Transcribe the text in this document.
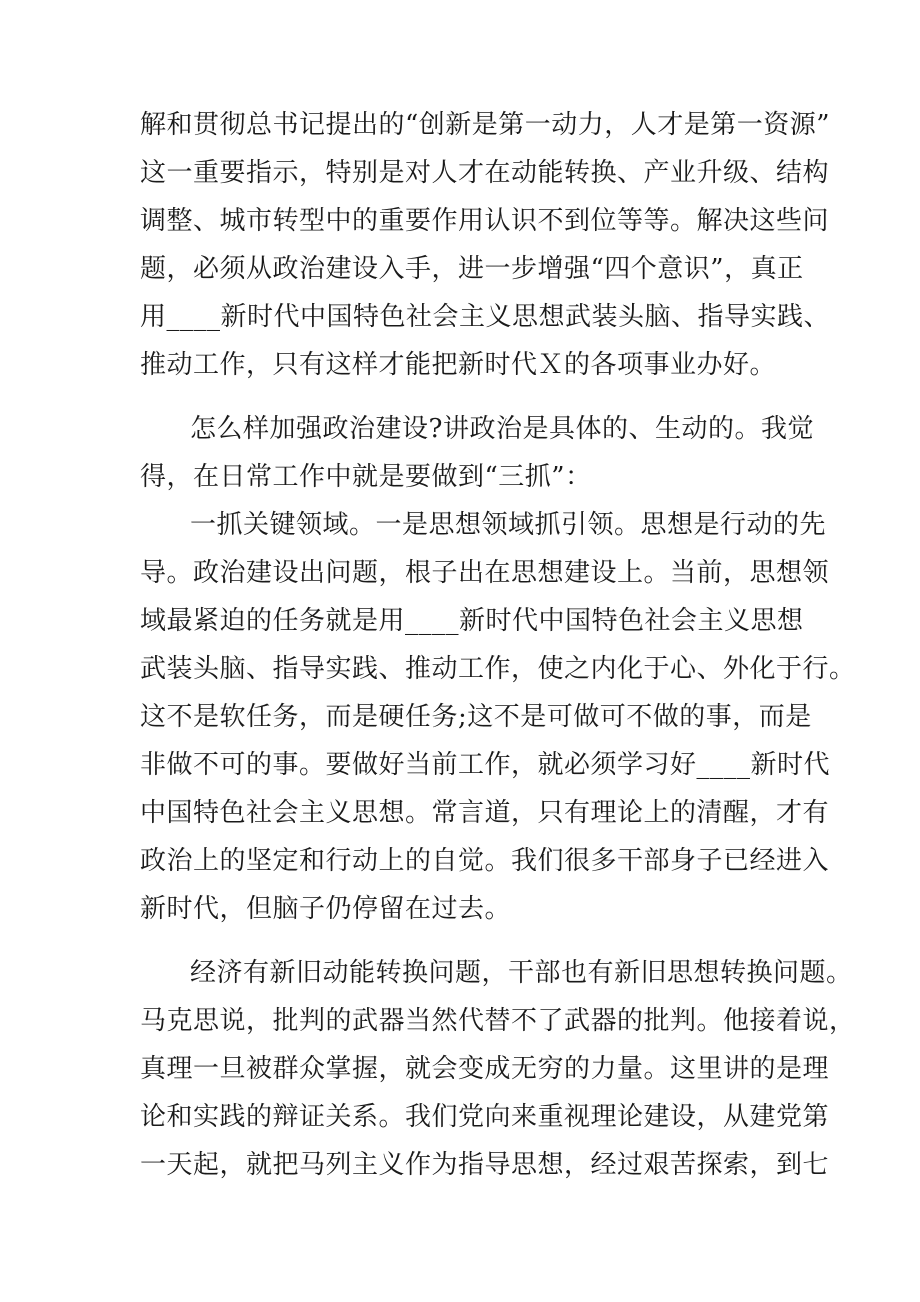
解和贯彻总书记提出的“创新是第一动力，人才是第一资源”
这一重要指示，特别是对人才在动能转换、产业升级、结构
调整、城市转型中的重要作用认识不到位等等。解决这些问
题，必须从政治建设入手，进一步增强“四个意识”，真正
用____新时代中国特色社会主义思想武装头脑、指导实践、
推动工作，只有这样才能把新时代Ｘ的各项事业办好。
怎么样加强政治建设?讲政治是具体的、生动的。我觉
得，在日常工作中就是要做到“三抓”：
一抓关键领域。一是思想领域抓引领。思想是行动的先
导。政治建设出问题，根子出在思想建设上。当前，思想领
域最紧迫的任务就是用____新时代中国特色社会主义思想
武装头脑、指导实践、推动工作，使之内化于心、外化于行。
这不是软任务，而是硬任务;这不是可做可不做的事，而是
非做不可的事。要做好当前工作，就必须学习好____新时代
中国特色社会主义思想。常言道，只有理论上的清醒，才有
政治上的坚定和行动上的自觉。我们很多干部身子已经进入
新时代，但脑子仍停留在过去。
经济有新旧动能转换问题，干部也有新旧思想转换问题。
马克思说，批判的武器当然代替不了武器的批判。他接着说，
真理一旦被群众掌握，就会变成无穷的力量。这里讲的是理
论和实践的辩证关系。我们党向来重视理论建设，从建党第
一天起，就把马列主义作为指导思想，经过艰苦探索，到七
